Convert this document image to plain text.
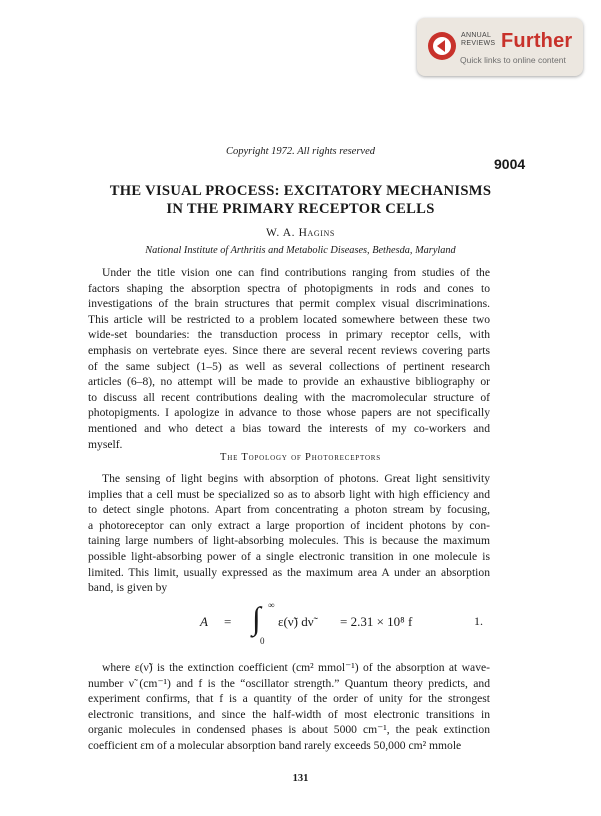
ANNUAL
REVIEWS Further
Quick links to online content
Copyright 1972. All rights reserved
9004
THE VISUAL PROCESS: EXCITATORY MECHANISMS
IN THE PRIMARY RECEPTOR CELLS
W. A. Hagins
National Institute of Arthritis and Metabolic Diseases, Bethesda, Maryland
Under the title vision one can find contributions ranging from studies of the
factors shaping the absorption spectra of photopigments in rods and cones to
investigations of the brain structures that permit complex visual discriminations.
This article will be restricted to a problem located somewhere between these two
wide-set boundaries: the transduction process in primary receptor cells, with
emphasis on vertebrate eyes. Since there are several recent reviews covering parts
of the same subject (1–5) as well as several collections of pertinent research
articles (6–8), no attempt will be made to provide an exhaustive bibliography or
to discuss all recent contributions dealing with the macromolecular structure of
photopigments. I apologize in advance to those whose papers are not specifically
mentioned and who detect a bias toward the interests of my co-workers and
myself.
The Topology of Photoreceptors
The sensing of light begins with absorption of photons. Great light sensitivity
implies that a cell must be specialized so as to absorb light with high efficiency and
to detect single photons. Apart from concentrating a photon stream by focusing,
a photoreceptor can only extract a large proportion of incident photons by con-
taining large numbers of light-absorbing molecules. This is because the maximum
possible light-absorbing power of a single electronic transition in one molecule is
limited. This limit, usually expressed as the maximum area A under an absorption
band, is given by
A = ∫ ∞
0
ε(ν̃) dν̃ = 2.31 × 10⁸ f	1.
where ε(ν̃) is the extinction coefficient (cm² mmol⁻¹) of the absorption at wave-
number ν̃ (cm⁻¹) and f is the “oscillator strength.” Quantum theory predicts, and
experiment confirms, that f is a quantity of the order of unity for the strongest
electronic transitions, and since the half-width of most electronic transitions in
organic molecules in condensed phases is about 5000 cm⁻¹, the peak extinction
coefficient εm of a molecular absorption band rarely exceeds 50,000 cm² mmole
131
